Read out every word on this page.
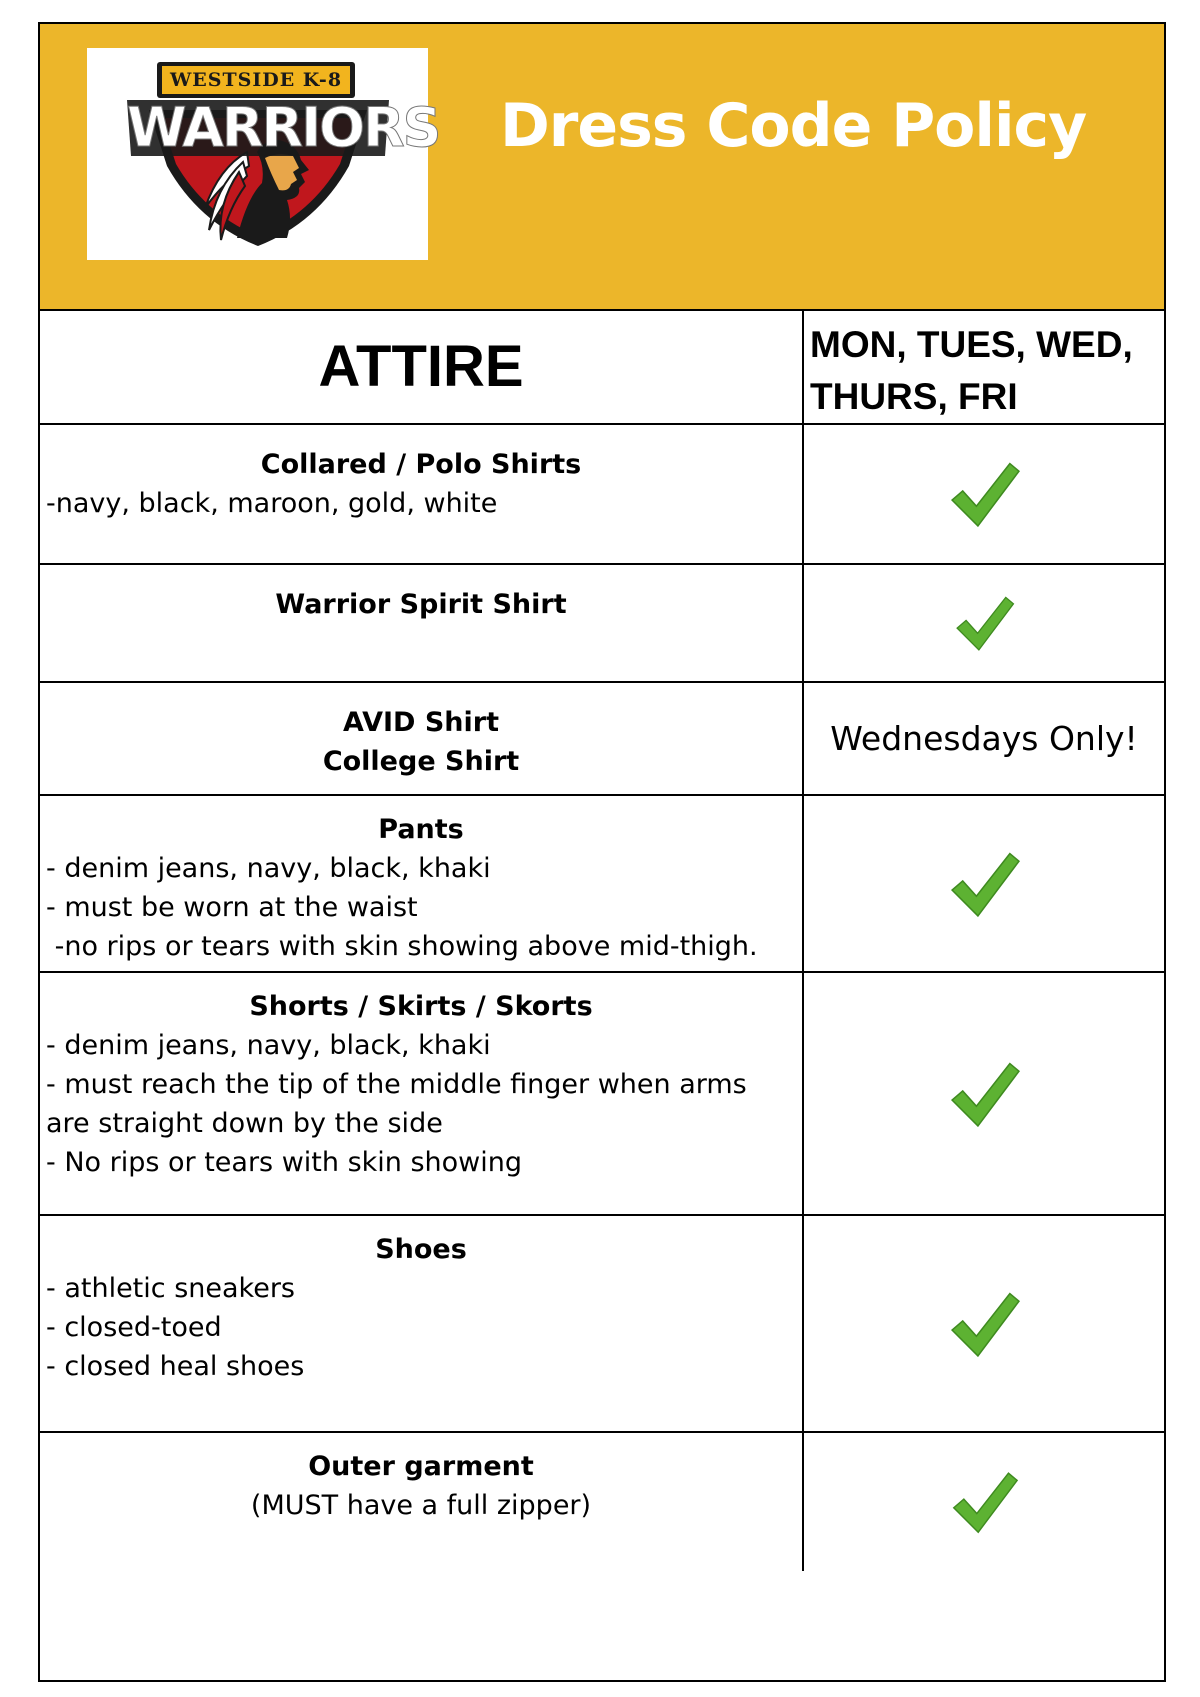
WESTSIDE K-8
WARRIORS Dress Code Policy
ATTIRE	MON, TUES, WED,
THURS, FRI
Collared / Polo Shirts
-navy, black, maroon, gold, white
Warrior Spirit Shirt
AVID Shirt
College Shirt
Wednesdays Only!
Pants
- denim jeans, navy, black, khaki
- must be worn at the waist
-no rips or tears with skin showing above mid-thigh.
Shorts / Skirts / Skorts
- denim jeans, navy, black, khaki
- must reach the tip of the middle finger when arms
are straight down by the side
- No rips or tears with skin showing
Shoes
- athletic sneakers
- closed-toed
- closed heal shoes
Outer garment
(MUST have a full zipper)
